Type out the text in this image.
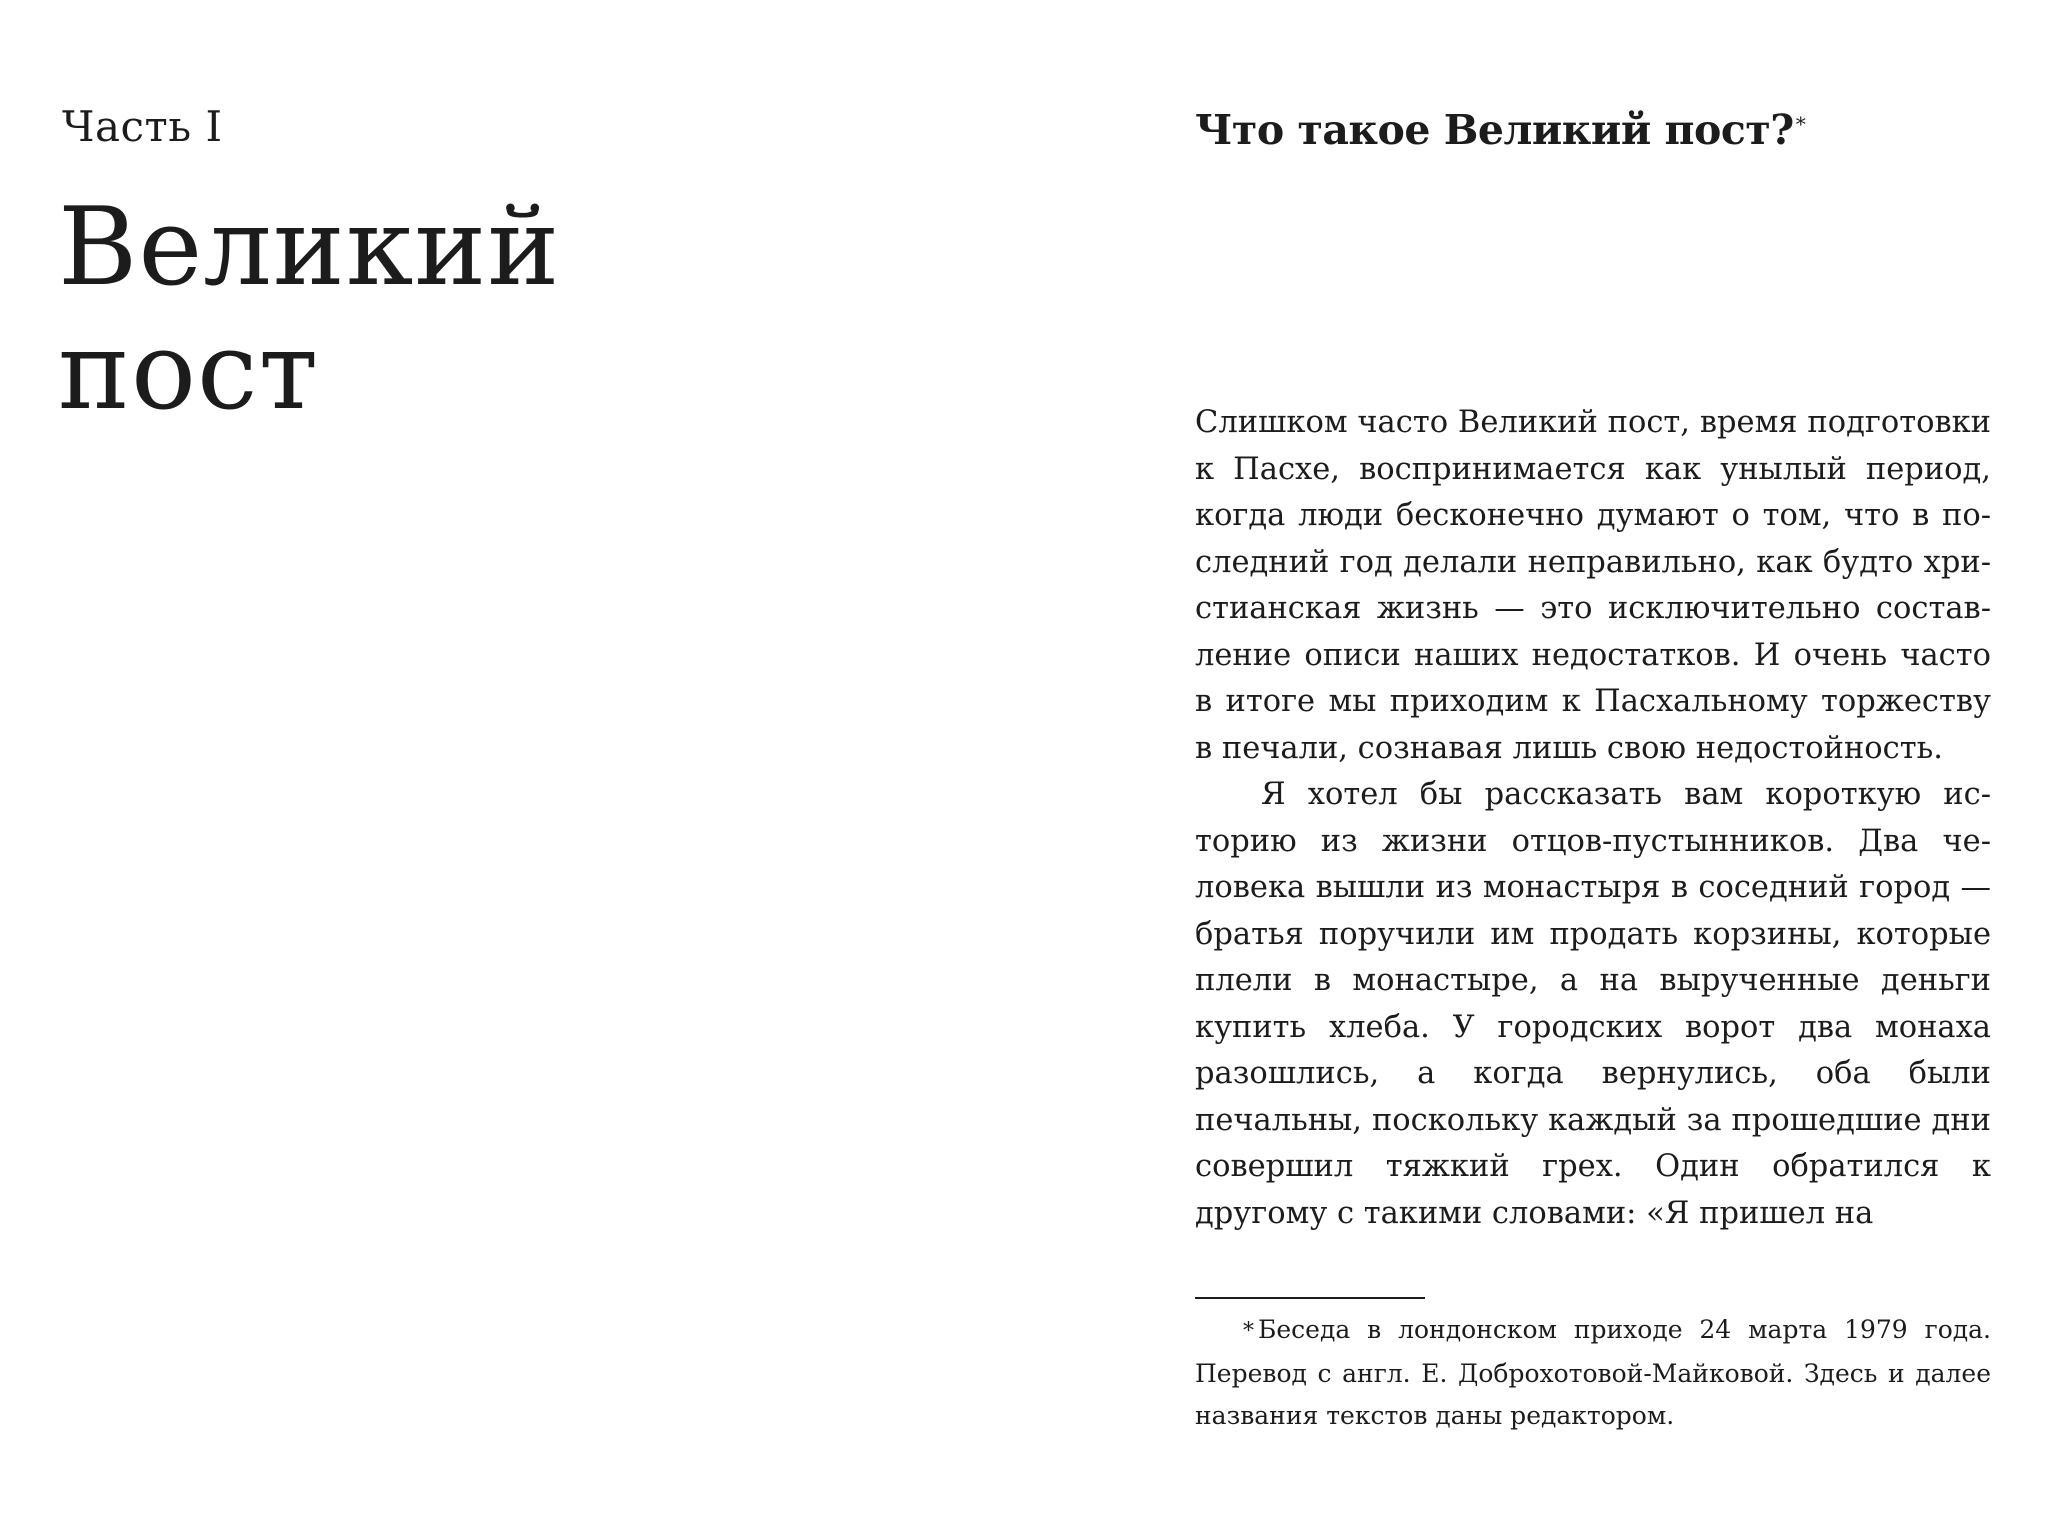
Часть I

Великий
пост
Что такое Великий пост? *

Слишком часто Великий пост, время подготовки к Пасхе, воспринимается как унылый период, когда люди бесконечно думают о том, что в последний год делали неправильно, как будто христианская жизнь — это исключительно составление описи наших недостатков. И очень часто в итоге мы приходим к Пасхальному торжеству в печали, сознавая лишь свою недостойность.

Я хотел бы рассказать вам короткую историю из жизни отцов-пустынников. Два человека вышли из монастыря в соседний город — братья поручили им продать корзины, которые плели в монастыре, а на вырученные деньги купить хлеба. У городских ворот два монаха разошлись, а когда вернулись, оба были печальны, поскольку каждый за прошедшие дни совершил тяжкий грех. Один обратился к другому с такими словами: «Я пришел на

* Беседа в лондонском приходе 24 марта 1979 года. Перевод с англ. Е. Доброхотовой-Майковой. Здесь и далее названия текстов даны редактором.
